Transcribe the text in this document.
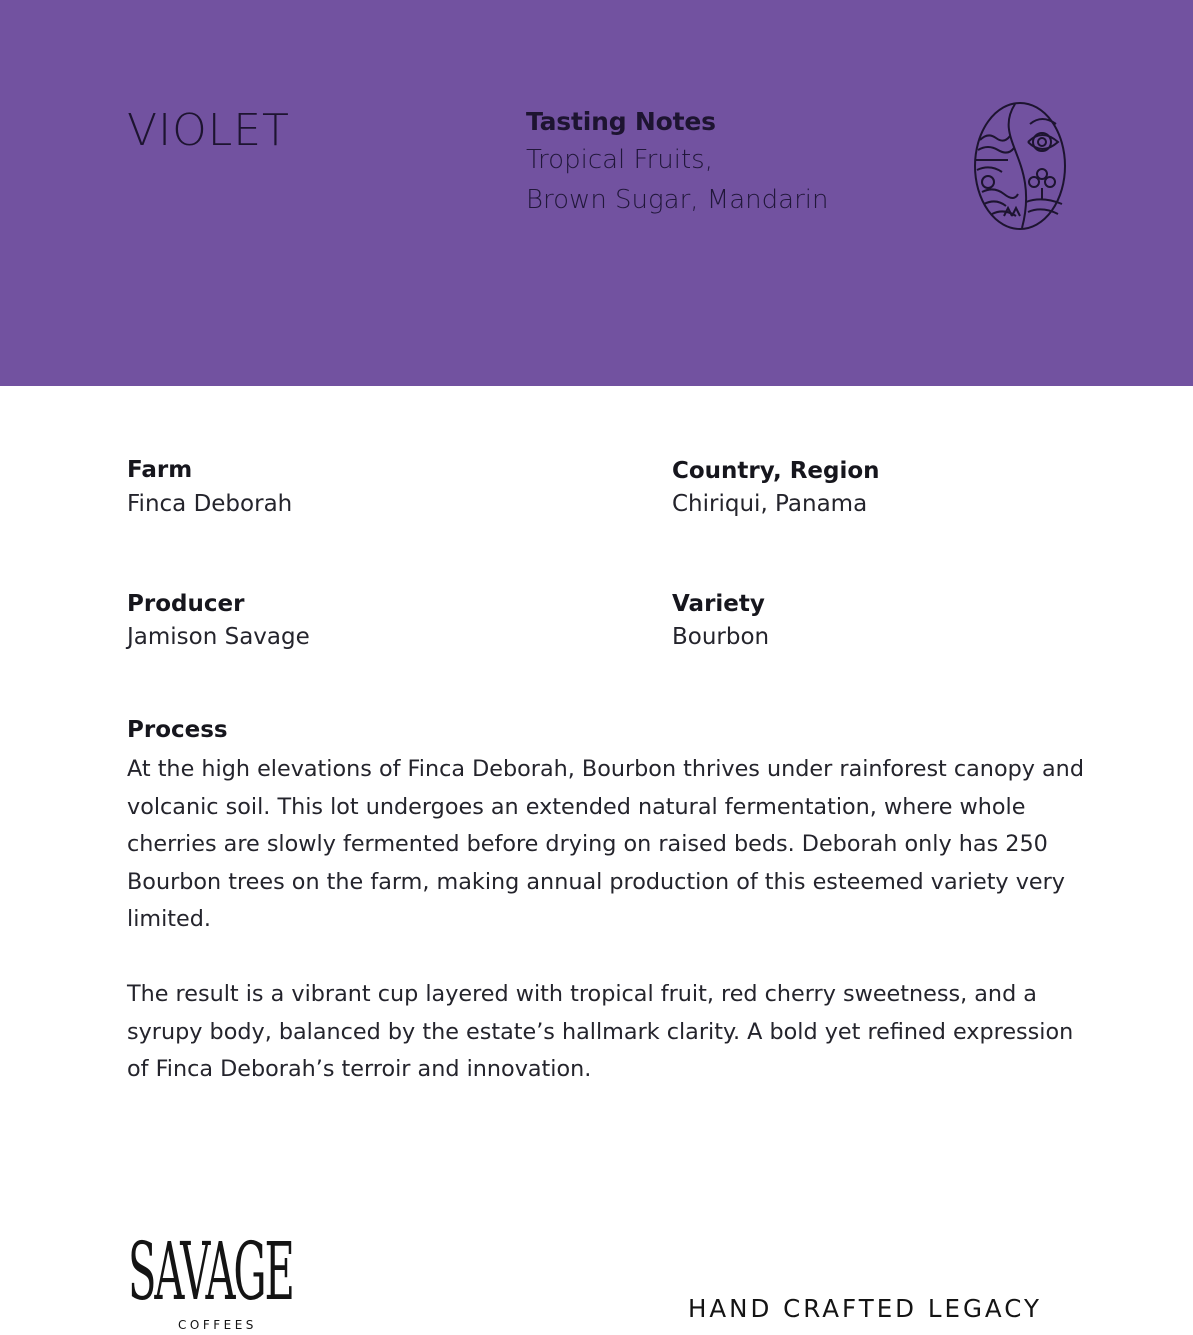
VIOLET	Tasting Notes
Tropical Fruits,
Brown Sugar, Mandarin
Farm
Finca Deborah
Country, Region
Chiriqui, Panama
Producer
Jamison Savage
Variety
Bourbon
Process

At the high elevations of Finca Deborah, Bourbon thrives under rainforest canopy and volcanic soil. This lot undergoes an extended natural fermentation, where whole cherries are slowly fermented before drying on raised beds. Deborah only has 250 Bourbon trees on the farm, making annual production of this esteemed variety very limited.

The result is a vibrant cup layered with tropical fruit, red cherry sweetness, and a syrupy body, balanced by the estate’s hallmark clarity. A bold yet refined expression of Finca Deborah’s terroir and innovation.

SAVAGE
COFFEES
HAND CRAFTED LEGACY
